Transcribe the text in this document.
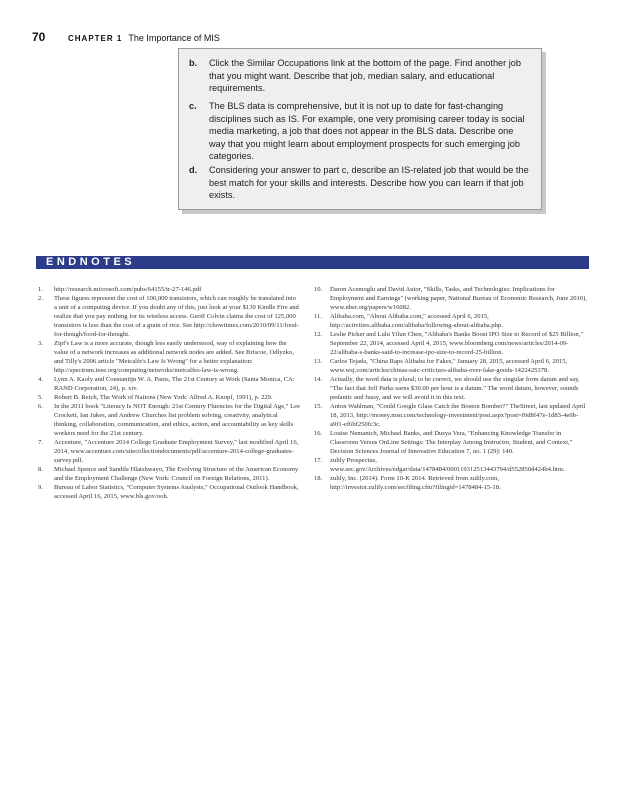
70	CHAPTER 1 The Importance of MIS
b. Click the Similar Occupations link at the bottom of the page. Find another job that you might want. Describe that job, median salary, and educational requirements.
c. The BLS data is comprehensive, but it is not up to date for fast-changing disciplines such as IS. For example, one very promising career today is social media marketing, a job that does not appear in the BLS data. Describe one way that you might learn about employment prospects for such emerging job categories.
d. Considering your answer to part c, describe an IS-related job that would be the best match for your skills and interests. Describe how you can learn if that job exists.
ENDNOTES
1.	http://research.microsoft.com/pubs/64155/tr-27-146.pdf
2.	These figures represent the cost of 100,000 transistors, which can roughly be translated into a unit of a computing device. If you doubt any of this, just look at your $139 Kindle Fire and realize that you pay nothing for its wireless access. Geoff Colvin claims the cost of 125,000 transistors is less than the cost of a grain of rice. See http://chowtimes.com/2010/09/11/food-for-though/food-for-thought.
3.	Zipf's Law is a more accurate, though less easily understood, way of explaining how the value of a network increases as additional network nodes are added. See Briscoe, Odlyzko, and Tilly's 2006 article "Metcalfe's Law Is Wrong" for a better explanation: http://spectrum.ieee.org/computing/networks/metcalfes-law-is-wrong.
4.	Lynn A. Kaoly and Constantijn W. A. Panis, The 21st Century at Work (Santa Monica, CA: RAND Corporation, 24), p. xiv.
5.	Robert B. Reich, The Work of Nations (New York: Alfred A. Knopf, 1991), p. 229.
6.	In the 2011 book "Literacy Is NOT Enough: 21st Century Fluencies for the Digital Age," Lee Crockett, Ian Jukes, and Andrew Churches list problem solving, creativity, analytical thinking, collaboration, communication, and ethics, action, and accountability as key skills workers need for the 21st century.
7.	Accenture, "Accenture 2014 College Graduate Employment Survey," last modified April 16, 2014, www.accenture.com/sitecollectiondocuments/pdf/accenture-2014-college-graduates-survey.pdf.
8.	Michael Spence and Sandile Hlatshwayo, The Evolving Structure of the American Economy and the Employment Challenge (New York: Council on Foreign Relations, 2011).
9.	Bureau of Labor Statistics, "Computer Systems Analysts," Occupational Outlook Handbook, accessed April 16, 2015, www.bls.gov/ooh.
10.	Daron Acemoglu and David Autor, "Skills, Tasks, and Technologies: Implications for Employment and Earnings" (working paper, National Bureau of Economic Research, June 2010), www.nber.org/papers/w16082.
11.	Alibaba.com, "About Alibaba.com," accessed April 6, 2015, http://activities.alibaba.com/alibaba/following-about-alibaba.php.
12.	Leslie Picker and Lulu Yilun Chen, "Alibaba's Banks Boost IPO Size to Record of $25 Billion," September 22, 2014, accessed April 4, 2015, www.bloomberg.com/news/articles/2014-09-22/alibaba-s-banks-said-to-increase-ipo-size-to-record-25-billion.
13.	Carlos Tejada, "China Raps Alibaba for Fakes," January 28, 2015, accessed April 6, 2015, www.wsj.com/articles/chinas-saic-criticizes-alibaba-over-fake-goods-1422425378.
14.	Actually, the word data is plural; to be correct, we should use the singular form datum and say, "The fact that Jeff Parks earns $30.00 per hour is a datum." The word datum, however, sounds pedantic and fussy, and we will avoid it in this text.
15.	Anton Wahlman, "Could Google Glass Catch the Boston Bomber?" TheStreet, last updated April 18, 2013, http://money.msn.com/technology-investment/post.aspx?post=f0d8f47e-1d83-4e0b-a9f1-ef6bf250fc3c.
16.	Louise Nemanich, Michael Banks, and Dusya Vera, "Enhancing Knowledge Transfer in Classroom Versus OnLine Settings: The Interplay Among Instructor, Student, and Context," Decision Sciences Journal of Innovative Education 7, no. 1 (29): 140.
17.	zulily Prospectus, www.sec.gov/Archives/edgar/data/1478484/000119312513443794/d552850d424b4.htm.
18.	zulily, Inc. (2014). Form 10-K 2014. Retrieved from zulily.com, http://investor.zulily.com/secfiling.cfm?filingid=1478484-15-18.
